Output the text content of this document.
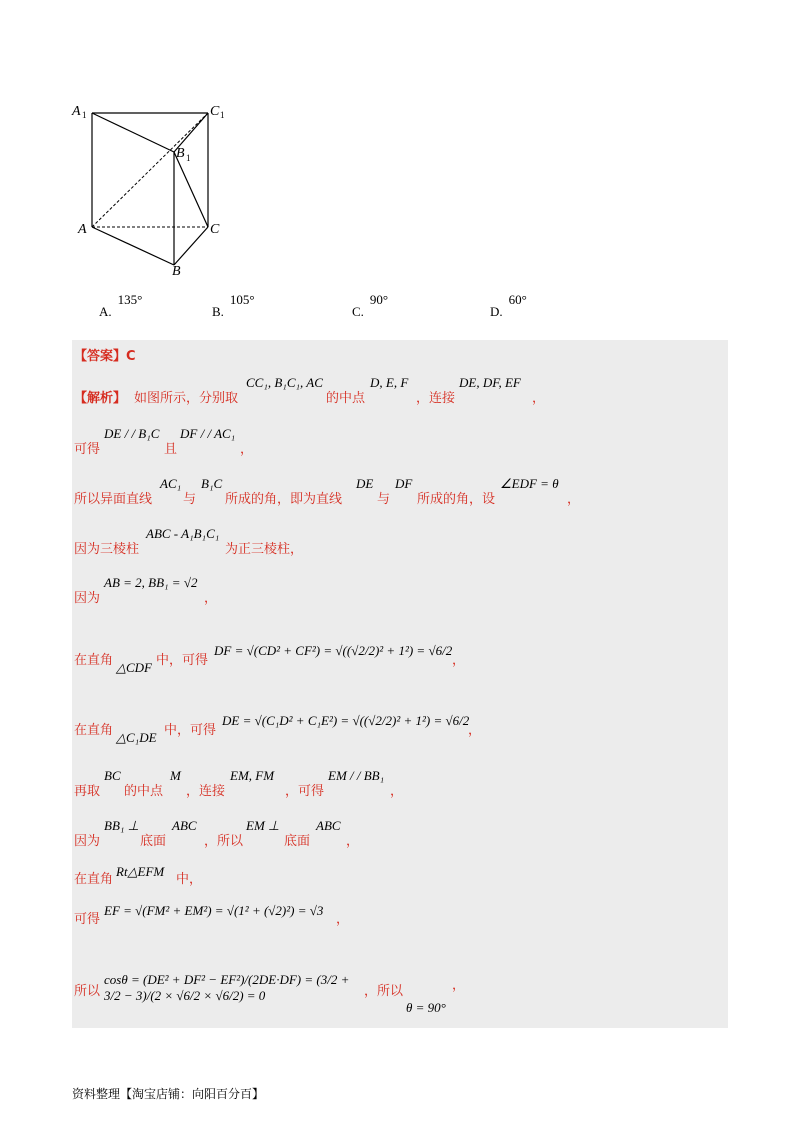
A 1	C 1
B 1
A	C
B
A.135°
B.105°
C.90°
D.60°
【答案】C
【解析】 如图所示，分别取
CC₁, B₁C₁, AC
的中点
D, E, F
，连接
DE, DF, EF
，
可得
DE / / B₁C
且
DF / / AC₁
，
所以异面直线
AC₁
与
B₁C
所成的角，即为直线
DE
与
DF
所成的角，设
∠EDF = θ
，
因为三棱柱
ABC - A₁B₁C₁
为正三棱柱，
因为
AB = 2, BB₁ = √2
，
在直角 △CDF 中，可得
DF = √(CD² + CF²) = √((√2/2)² + 1²) = √6/2
，
在直角 △C₁DE 中，可得
DE = √(C₁D² + C₁E²) = √((√2/2)² + 1²) = √6/2
，
再取
BC
的中点
M
，连接
EM, FM
，可得
EM / / BB₁
，
因为
BB₁ ⊥
底面
ABC
，所以
EM ⊥
底面
ABC
，
在直角
Rt△EFM
中，
可得
EF = √(FM² + EM²) = √(1² + (√2)²) = √3
，
所以
cosθ = (DE² + DF² − EF²)/(2DE·DF) = (3/2 + 3/2 − 3)/(2 × √6/2 × √6/2) = 0	，所以	，
θ = 90°
资料整理【淘宝店铺：向阳百分百】
